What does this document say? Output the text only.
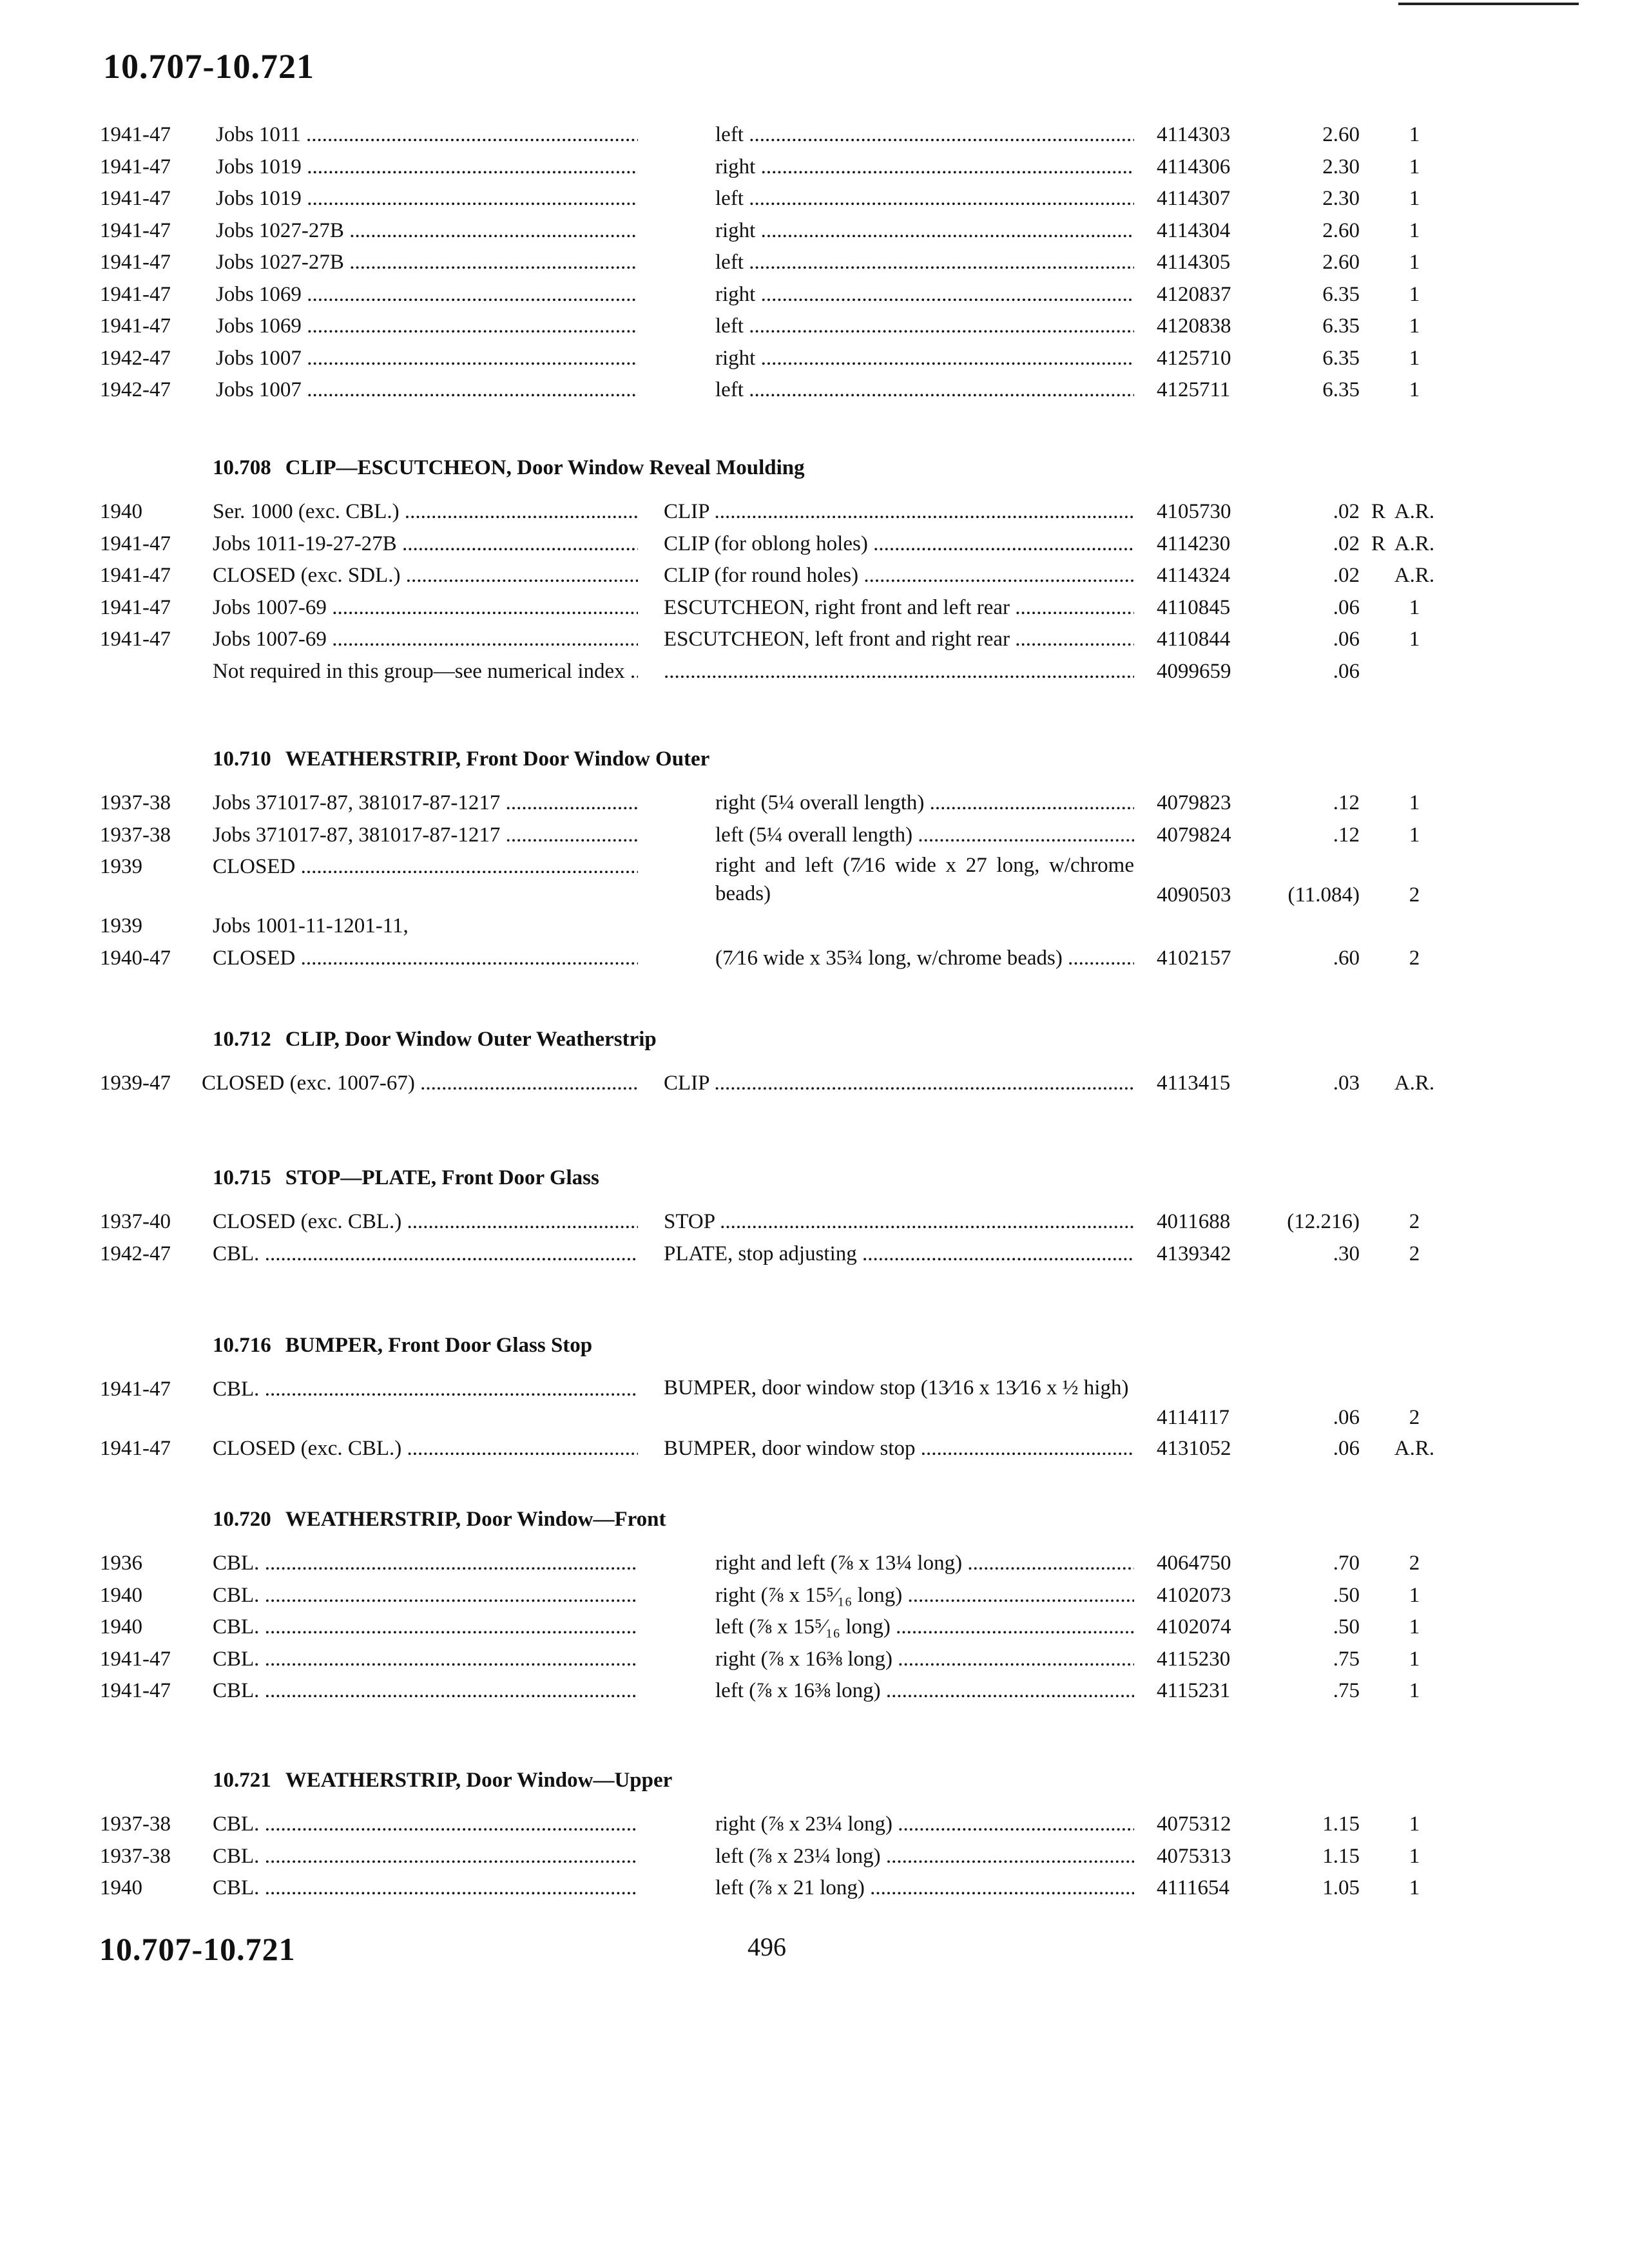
10.707-10.721
1941-47 Jobs 1011 .....	left .....	4114303	2.60	1
1941-47 Jobs 1019 .....	right .....	4114306	2.30	1
1941-47 Jobs 1019 .....	left .....	4114307	2.30	1
1941-47 Jobs 1027-27B .....	right .....	4114304	2.60	1
1941-47 Jobs 1027-27B .....	left .....	4114305	2.60	1
1941-47 Jobs 1069 .....	right .....	4120837	6.35	1
1941-47 Jobs 1069 .....	left .....	4120838	6.35	1
1942-47 Jobs 1007 .....	right .....	4125710	6.35	1
1942-47 Jobs 1007 .....	left .....	4125711	6.35	1
10.708 CLIP—ESCUTCHEON, Door Window Reveal Moulding
1940	Ser. 1000 (exc. CBL.) .....	CLIP .....	4105730	.02 R A.R.
1941-47 Jobs 1011-19-27-27B .....	CLIP (for oblong holes) .....	4114230	.02 R A.R.
1941-47 CLOSED (exc. SDL.) .....	CLIP (for round holes) .....	4114324	.02	A.R.
1941-47 Jobs 1007-69 .....	ESCUTCHEON, right front and left rear .....	4110845	.06	1
1941-47 Jobs 1007-69 .....	ESCUTCHEON, left front and right rear .....	4110844	.06	1
Not required in this group—see numerical index .....
.....	4099659	.06
10.710 WEATHERSTRIP, Front Door Window Outer
1937-38 Jobs 371017-87, 381017-87-1217 .....	right (5¼ overall length) .....	4079823	.12	1
1937-38 Jobs 371017-87, 381017-87-1217 .....	left (5¼ overall length) .....	4079824	.12	1
1939	CLOSED .....	right and left (7⁄16 wide x 27 long, w/chrome beads)	4090503	(11.084)	2
1939	Jobs 1001-11-1201-11,
1940-47 CLOSED .....	(7⁄16 wide x 35¾ long, w/chrome beads) .....	4102157	.60	2
10.712 CLIP, Door Window Outer Weatherstrip
1939-47 CLOSED (exc. 1007-67) .....	CLIP .....	4113415	.03	A.R.
10.715 STOP—PLATE, Front Door Glass
1937-40 CLOSED (exc. CBL.) .....	STOP .....	4011688	(12.216)	2
1942-47 CBL. .....	PLATE, stop adjusting .....	4139342	.30	2
10.716 BUMPER, Front Door Glass Stop
1941-47 CBL. .....	BUMPER, door window stop (13⁄16 x 13⁄16 x ½ high)
4114117	.06	2
1941-47 CLOSED (exc. CBL.) .....	BUMPER, door window stop .....	4131052	.06	A.R.
10.720 WEATHERSTRIP, Door Window—Front
1936	CBL. .....	right and left (⅞ x 13¼ long) .....	4064750	.70	2
1940	CBL. .....	right (⅞ x 15⁵⁄₁₆ long) .....	4102073	.50	1
1940	CBL. .....	left (⅞ x 15⁵⁄₁₆ long) .....	4102074	.50	1
1941-47 CBL. .....	right (⅞ x 16⅜ long) .....	4115230	.75	1
1941-47 CBL. .....	left (⅞ x 16⅜ long) .....	4115231	.75	1
10.721 WEATHERSTRIP, Door Window—Upper
1937-38 CBL. .....	right (⅞ x 23¼ long) .....	4075312	1.15	1
1937-38 CBL. .....	left (⅞ x 23¼ long) .....	4075313	1.15	1
1940	CBL. .....	left (⅞ x 21 long) .....	4111654	1.05	1
10.707-10.721	496
